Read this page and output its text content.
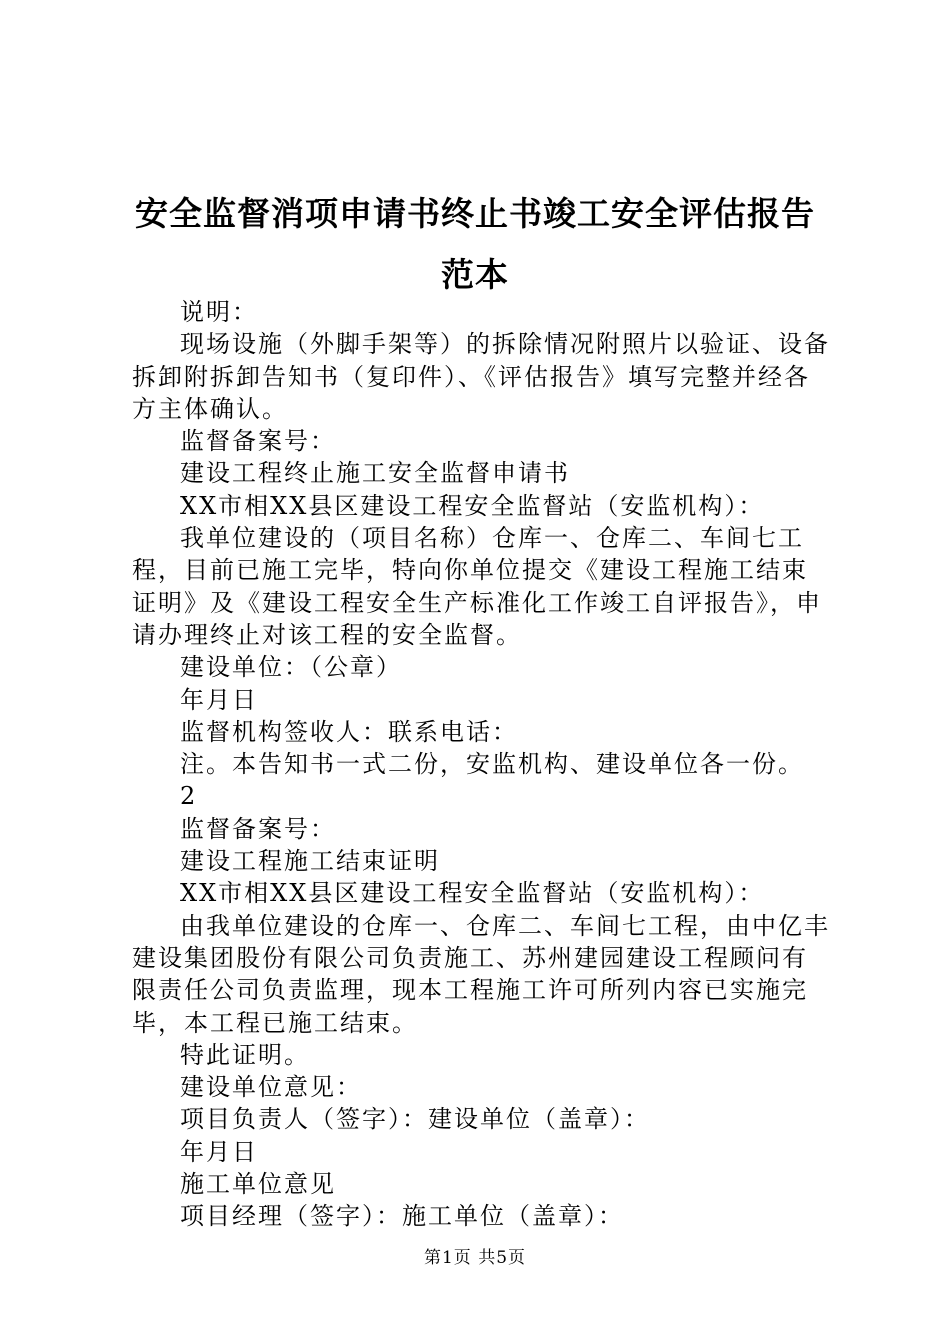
安全监督消项申请书终止书竣工安全评估报告
范本

说明：

现场设施（外脚手架等）的拆除情况附照片以验证、设备拆卸附拆卸告知书（复印件）、《评估报告》填写完整并经各方主体确认。

监督备案号：

建设工程终止施工安全监督申请书

XX市相XX县区建设工程安全监督站（安监机构）：

我单位建设的（项目名称）仓库一、仓库二、车间七工程，目前已施工完毕，特向你单位提交《建设工程施工结束证明》及《建设工程安全生产标准化工作竣工自评报告》，申请办理终止对该工程的安全监督。

建设单位：（公章）

年月日

监督机构签收人：联系电话：

注。本告知书一式二份，安监机构、建设单位各一份。

2

监督备案号：

建设工程施工结束证明

XX市相XX县区建设工程安全监督站（安监机构）：

由我单位建设的仓库一、仓库二、车间七工程，由中亿丰建设集团股份有限公司负责施工、苏州建园建设工程顾问有限责任公司负责监理，现本工程施工许可所列内容已实施完毕，本工程已施工结束。

特此证明。

建设单位意见：

项目负责人（签字）：建设单位（盖章）：

年月日

施工单位意见

项目经理（签字）：施工单位（盖章）：

第1页 共5页
